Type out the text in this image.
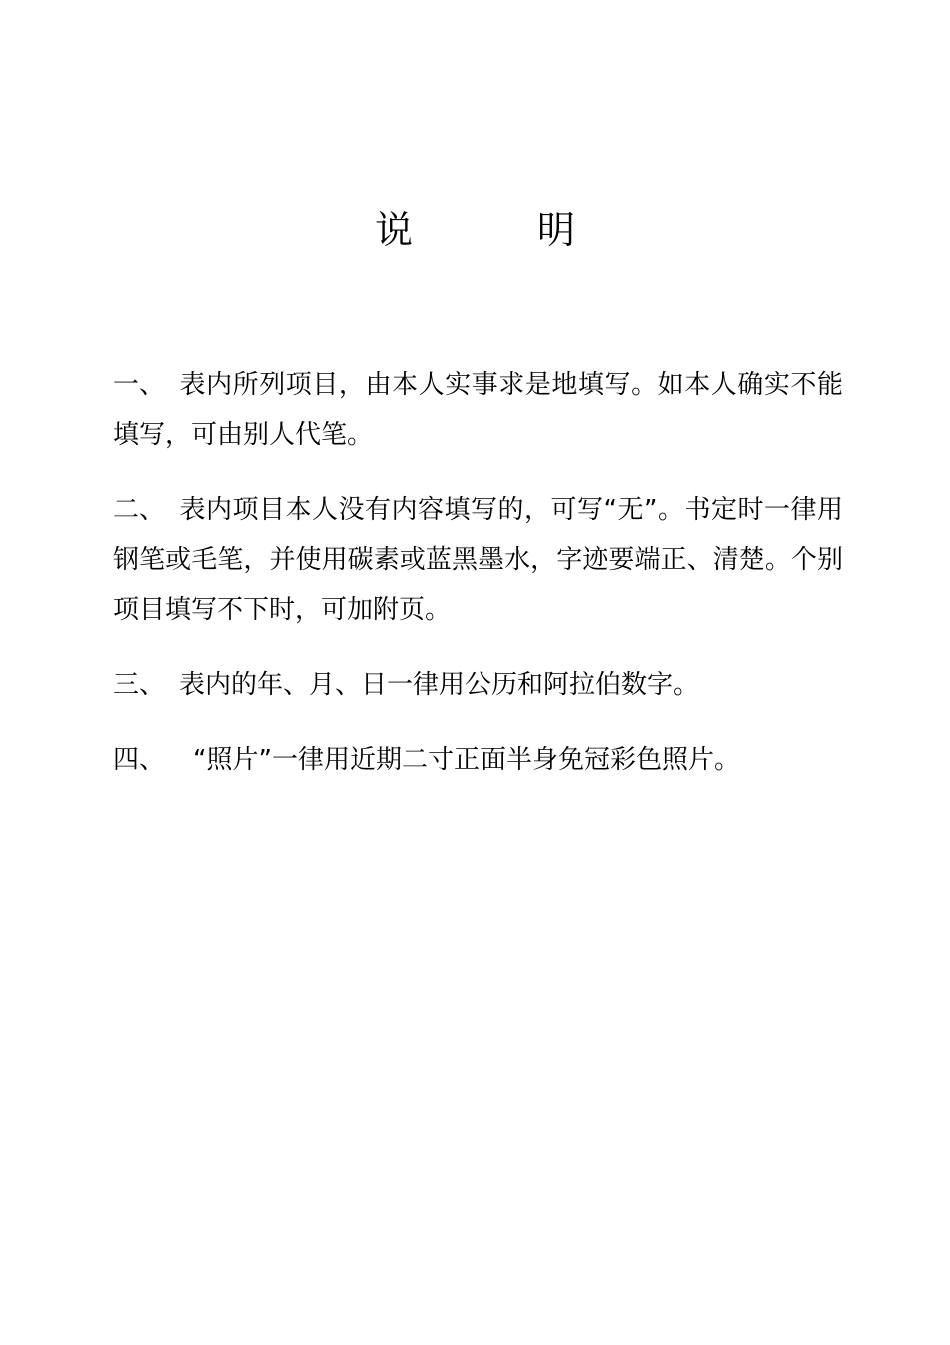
说	明

一、 表内所列项目，由本人实事求是地填写。如本人确实不能填写，可由别人代笔。

二、 表内项目本人没有内容填写的，可写“无”。书定时一律用钢笔或毛笔，并使用碳素或蓝黑墨水，字迹要端正、清楚。个别项目填写不下时，可加附页。

三、 表内的年、月、日一律用公历和阿拉伯数字。

四、 “照片”一律用近期二寸正面半身免冠彩色照片。
